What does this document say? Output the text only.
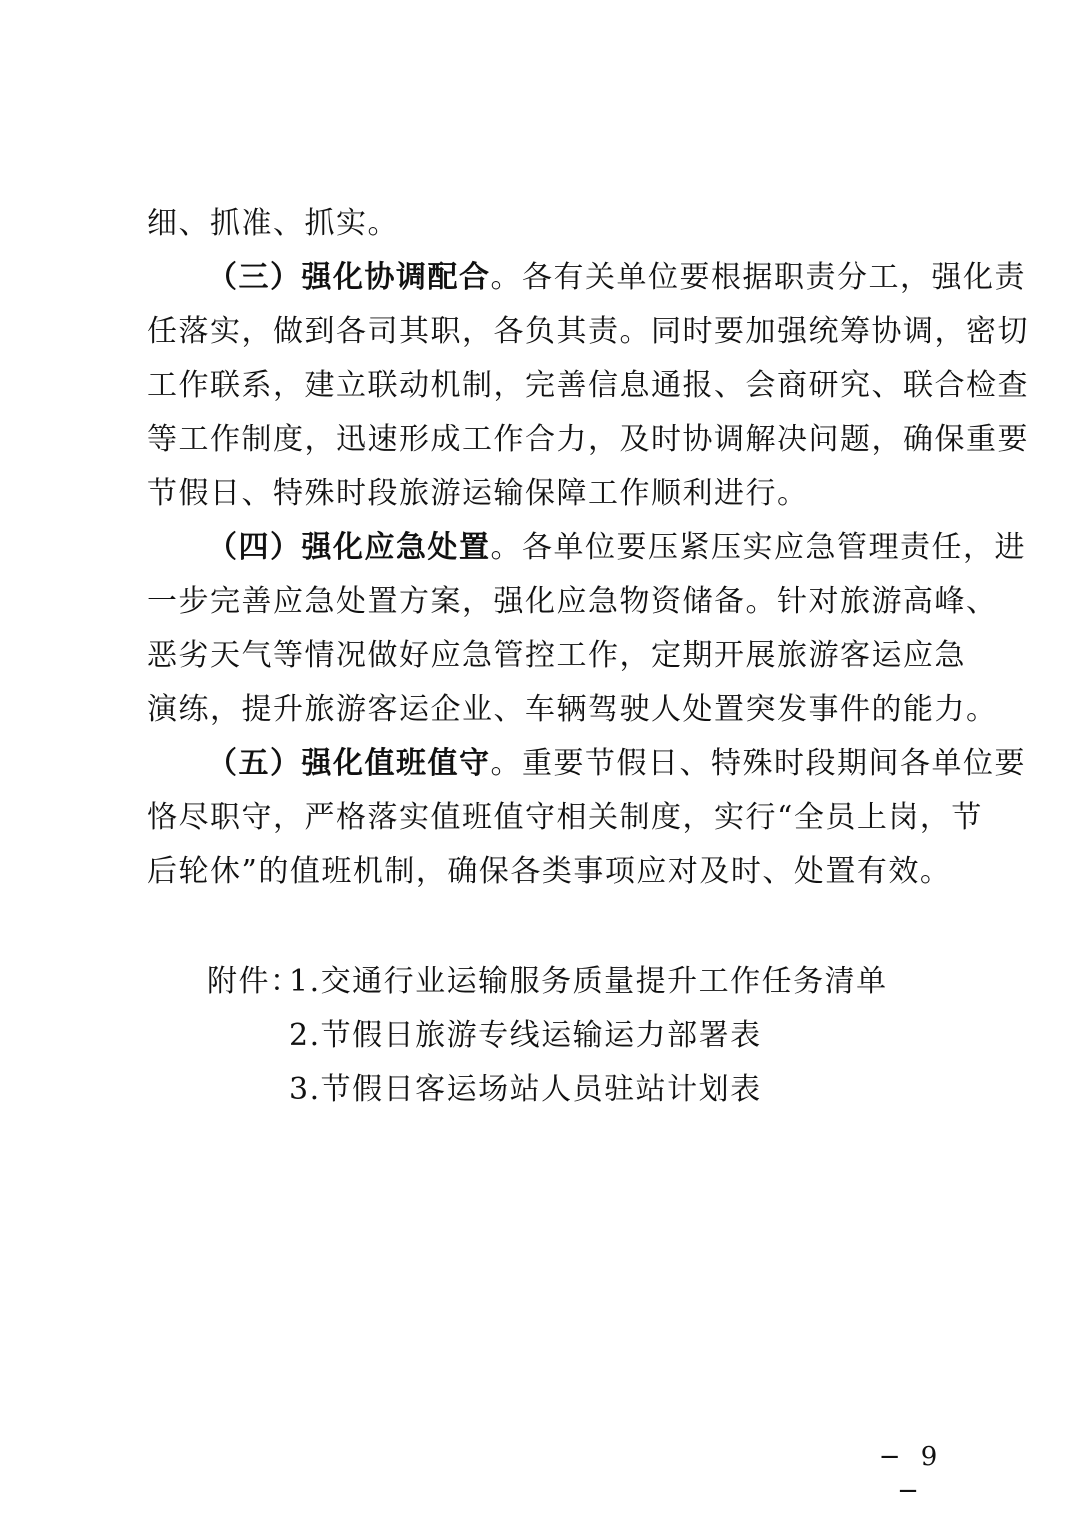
细、抓准、抓实。
（三）强化协调配合。各有关单位要根据职责分工，强化责
任落实，做到各司其职，各负其责。同时要加强统筹协调，密切
工作联系，建立联动机制，完善信息通报、会商研究、联合检查
等工作制度，迅速形成工作合力，及时协调解决问题，确保重要
节假日、特殊时段旅游运输保障工作顺利进行。
（四）强化应急处置。各单位要压紧压实应急管理责任，进
一步完善应急处置方案，强化应急物资储备。针对旅游高峰、
恶劣天气等情况做好应急管控工作，定期开展旅游客运应急
演练，提升旅游客运企业、车辆驾驶人处置突发事件的能力。
（五）强化值班值守。重要节假日、特殊时段期间各单位要
恪尽职守，严格落实值班值守相关制度，实行“全员上岗，节
后轮休”的值班机制，确保各类事项应对及时、处置有效。
附件：
1.交通行业运输服务质量提升工作任务清单
2.节假日旅游专线运输运力部署表
3.节假日客运场站人员驻站计划表
− 9 −
